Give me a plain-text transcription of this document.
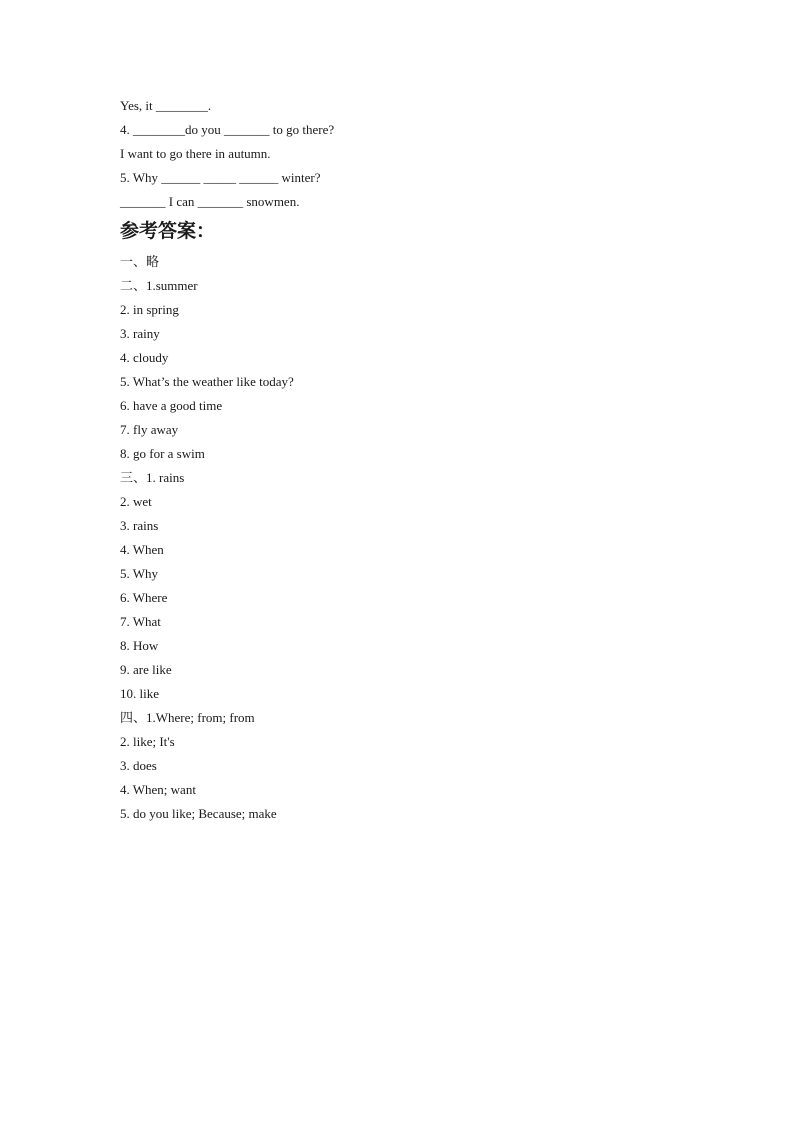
Yes, it ________.
4. ________do you _______ to go there?
I want to go there in autumn.
5. Why ______ _____ ______ winter?
_______ I can _______ snowmen.
参考答案：
一、略
二、1.summer
2. in spring
3. rainy
4. cloudy
5. What’s the weather like today?
6. have a good time
7. fly away
8. go for a swim
三、1. rains
2. wet
3. rains
4. When
5. Why
6. Where
7. What
8. How
9. are like
10. like
四、1.Where; from; from
2. like; It's
3. does
4. When; want
5. do you like; Because; make
